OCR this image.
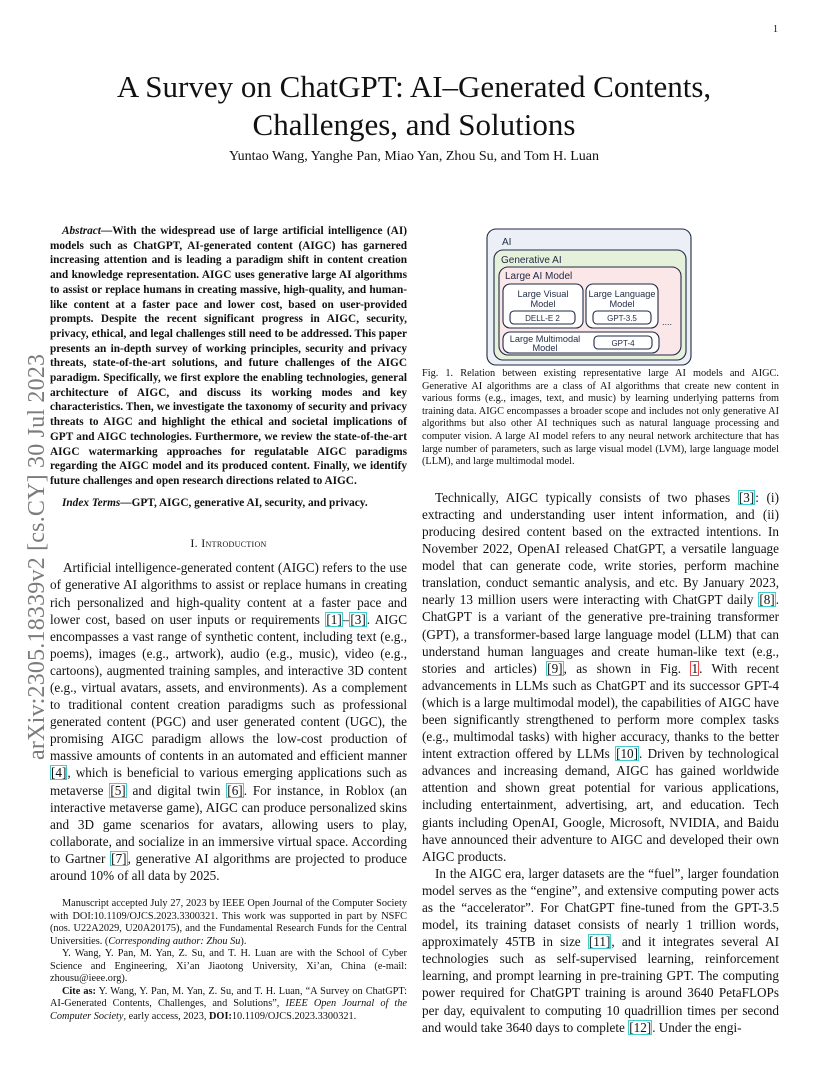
1
arXiv:2305.18339v2 [cs.CY] 30 Jul 2023
A Survey on ChatGPT: AI–Generated Contents,
Challenges, and Solutions
Yuntao Wang, Yanghe Pan, Miao Yan, Zhou Su, and Tom H. Luan

Abstract—With the widespread use of large artificial intelligence (AI) models such as ChatGPT, AI-generated content (AIGC) has garnered increasing attention and is leading a paradigm shift in content creation and knowledge representation. AIGC uses generative large AI algorithms to assist or replace humans in creating massive, high-quality, and human-like content at a faster pace and lower cost, based on user-provided prompts. Despite the recent significant progress in AIGC, security, privacy, ethical, and legal challenges still need to be addressed. This paper presents an in-depth survey of working principles, security and privacy threats, state-of-the-art solutions, and future challenges of the AIGC paradigm. Specifically, we first explore the enabling technologies, general architecture of AIGC, and discuss its working modes and key characteristics. Then, we investigate the taxonomy of security and privacy threats to AIGC and highlight the ethical and societal implications of GPT and AIGC technologies. Furthermore, we review the state-of-the-art AIGC watermarking approaches for regulatable AIGC paradigms regarding the AIGC model and its produced content. Finally, we identify future challenges and open research directions related to AIGC.

Index Terms—GPT, AIGC, generative AI, security, and privacy.

I. Introduction

Artificial intelligence-generated content (AIGC) refers to the use of generative AI algorithms to assist or replace humans in creating rich personalized and high-quality content at a faster pace and lower cost, based on user inputs or requirements [1]–[3]. AIGC encompasses a vast range of synthetic content, including text (e.g., poems), images (e.g., artwork), audio (e.g., music), video (e.g., cartoons), augmented training samples, and interactive 3D content (e.g., virtual avatars, assets, and environments). As a complement to traditional content creation paradigms such as professional generated content (PGC) and user generated content (UGC), the promising AIGC paradigm allows the low-cost production of massive amounts of contents in an automated and efficient manner [4], which is beneficial to various emerging applications such as metaverse [5] and digital twin [6]. For instance, in Roblox (an interactive metaverse game), AIGC can produce personalized skins and 3D game scenarios for avatars, allowing users to play, collaborate, and socialize in an immersive virtual space. According to Gartner [7], generative AI algorithms are projected to produce around 10% of all data by 2025.

Manuscript accepted July 27, 2023 by IEEE Open Journal of the Computer Society with DOI:10.1109/OJCS.2023.3300321. This work was supported in part by NSFC (nos. U22A2029, U20A20175), and the Fundamental Research Funds for the Central Universities. (Corresponding author: Zhou Su).

Y. Wang, Y. Pan, M. Yan, Z. Su, and T. H. Luan are with the School of Cyber Science and Engineering, Xi’an Jiaotong University, Xi’an, China (e-mail: zhousu@ieee.org).

Cite as: Y. Wang, Y. Pan, M. Yan, Z. Su, and T. H. Luan, “A Survey on ChatGPT: AI-Generated Contents, Challenges, and Solutions”, IEEE Open Journal of the Computer Society, early access, 2023, DOI:10.1109/OJCS.2023.3300321.

AI
Generative AI
Large AI Model
Large Visual
Model
DELL-E 2
Large Language
Model
GPT-3.5	....
Large Multimodal
Model	GPT-4

Fig. 1. Relation between existing representative large AI models and AIGC. Generative AI algorithms are a class of AI algorithms that create new content in various forms (e.g., images, text, and music) by learning underlying patterns from training data. AIGC encompasses a broader scope and includes not only generative AI algorithms but also other AI techniques such as natural language processing and computer vision. A large AI model refers to any neural network architecture that has large number of parameters, such as large visual model (LVM), large language model (LLM), and large multimodal model.

Technically, AIGC typically consists of two phases [3]: (i) extracting and understanding user intent information, and (ii) producing desired content based on the extracted intentions. In November 2022, OpenAI released ChatGPT, a versatile language model that can generate code, write stories, perform machine translation, conduct semantic analysis, and etc. By January 2023, nearly 13 million users were interacting with ChatGPT daily [8]. ChatGPT is a variant of the generative pre-training transformer (GPT), a transformer-based large language model (LLM) that can understand human languages and create human-like text (e.g., stories and articles) [9], as shown in Fig. 1. With recent advancements in LLMs such as ChatGPT and its successor GPT-4 (which is a large multimodal model), the capabilities of AIGC have been significantly strengthened to perform more complex tasks (e.g., multimodal tasks) with higher accuracy, thanks to the better intent extraction offered by LLMs [10]. Driven by technological advances and increasing demand, AIGC has gained worldwide attention and shown great potential for various applications, including entertainment, advertising, art, and education. Tech giants including OpenAI, Google, Microsoft, NVIDIA, and Baidu have announced their adventure to AIGC and developed their own AIGC products.

In the AIGC era, larger datasets are the “fuel”, larger foundation model serves as the “engine”, and extensive computing power acts as the “accelerator”. For ChatGPT fine-tuned from the GPT-3.5 model, its training dataset consists of nearly 1 trillion words, approximately 45TB in size [11], and it integrates several AI technologies such as self-supervised learning, reinforcement learning, and prompt learning in pre-training GPT. The computing power required for ChatGPT training is around 3640 PetaFLOPs per day, equivalent to computing 10 quadrillion times per second and would take 3640 days to complete [12]. Under the engi-
